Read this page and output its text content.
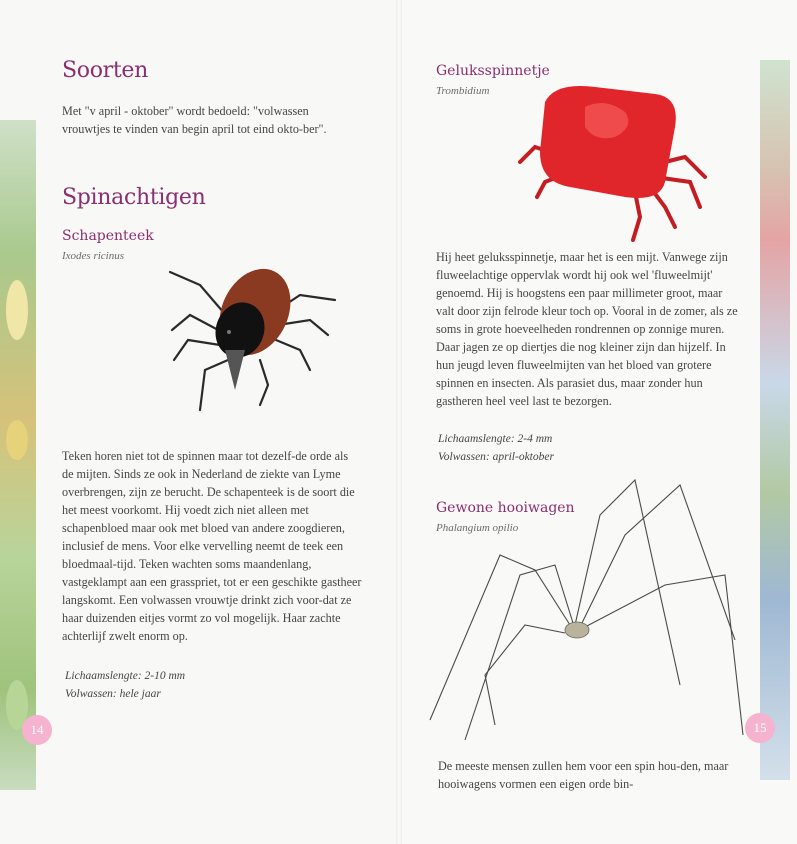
Soorten

Met "v april - oktober" wordt bedoeld: "volwassen vrouwtjes te vinden van begin april tot eind okto-ber".

Spinachtigen
Schapenteek
Ixodes ricinus

Teken horen niet tot de spinnen maar tot dezelf-de orde als de mijten. Sinds ze ook in Nederland de ziekte van Lyme overbrengen, zijn ze berucht. De schapenteek is de soort die het meest voorkomt. Hij voedt zich niet alleen met schapenbloed maar ook met bloed van andere zoogdieren, inclusief de mens. Voor elke vervelling neemt de teek een bloedmaal-tijd. Teken wachten soms maandenlang, vastgeklampt aan een grasspriet, tot er een geschikte gastheer langskomt. Een volwassen vrouwtje drinkt zich voor-dat ze haar duizenden eitjes vormt zo vol mogelijk. Haar zachte achterlijf zwelt enorm op.

Lichaamslengte: 2-10 mm
Volwassen: hele jaar
14
Geluksspinnetje
Trombidium

Hij heet geluksspinnetje, maar het is een mijt. Vanwege zijn fluweelachtige oppervlak wordt hij ook wel 'fluweelmijt' genoemd. Hij is hoogstens een paar millimeter groot, maar valt door zijn felrode kleur toch op. Vooral in de zomer, als ze soms in grote hoeveelheden rondrennen op zonnige muren. Daar jagen ze op diertjes die nog kleiner zijn dan hijzelf. In hun jeugd leven fluweelmijten van het bloed van grotere spinnen en insecten. Als parasiet dus, maar zonder hun gastheren heel veel last te bezorgen.

Lichaamslengte: 2-4 mm
Volwassen: april-oktober
Gewone hooiwagen
Phalangium opilio

De meeste mensen zullen hem voor een spin hou-den, maar hooiwagens vormen een eigen orde bin-

15
